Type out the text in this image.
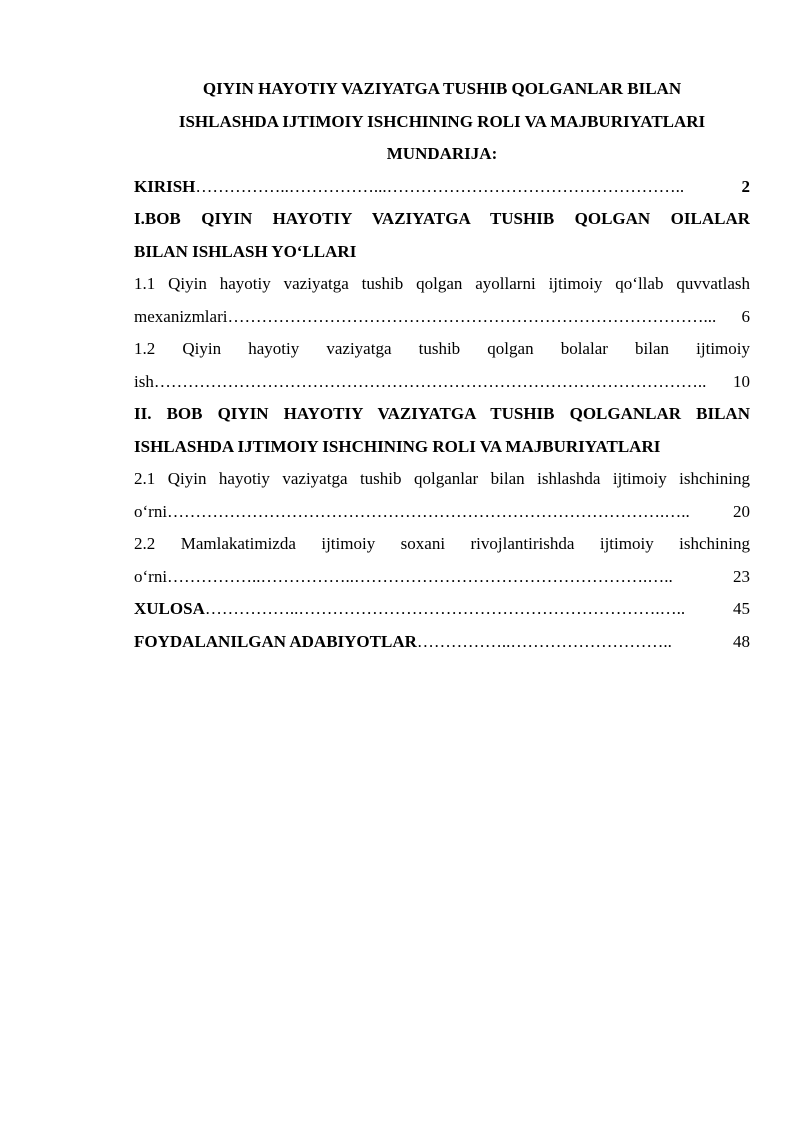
QIYIN HAYOTIY VAZIYATGA TUSHIB QOLGANLAR BILAN
ISHLASHDA IJTIMOIY ISHCHINING ROLI VA MAJBURIYATLARI
MUNDARIJA:
KIRISH ……………..……………...……………………………………………..	2
I.BOB QIYIN HAYOTIY VAZIYATGA TUSHIB QOLGAN OILALAR
BILAN ISHLASH YO‘LLARI
1.1 Qiyin hayotiy vaziyatga tushib qolgan ayollarni ijtimoiy qo‘llab quvvatlash
mexanizmlari …………………………………………………………………………...	6
1.2 Qiyin hayotiy vaziyatga tushib qolgan bolalar bilan ijtimoiy
ish ……………………………………………………………………………………..	10
II. BOB QIYIN HAYOTIY VAZIYATGA TUSHIB QOLGANLAR BILAN
ISHLASHDA IJTIMOIY ISHCHINING ROLI VA MAJBURIYATLARI
2.1 Qiyin hayotiy vaziyatga tushib qolganlar bilan ishlashda ijtimoiy ishchining
o‘rni …………………………………………………………………………….…..	20
2.2 Mamlakatimizda ijtimoiy soxani rivojlantirishda ijtimoiy ishchining
o‘rni ……………..……………..…………………………………………….…..	23
XULOSA ……………..……………………………………………………….…..	45
FOYDALANILGAN ADABIYOTLAR ……………..………………………..	48
